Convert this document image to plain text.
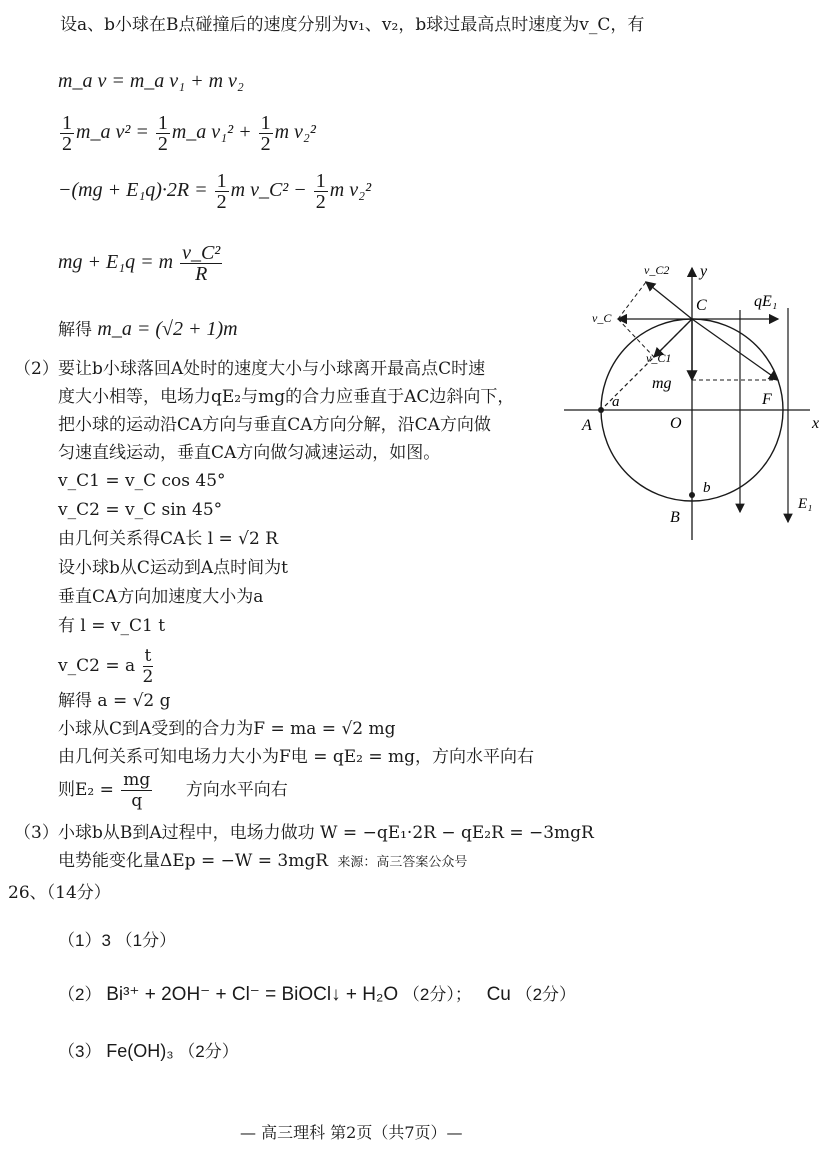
设a、b小球在B点碰撞后的速度分别为v₁、v₂，b球过最高点时速度为v_C，有
m_a v = m_a v₁ + m v₂
$\frac{1}{2}$ m_a $v^2 = \frac{1}{2}$ m_a $v_1^2 + \frac{1}{2}$ m v₂²
$-(mg + E_1q)\cdot 2R = \frac{1}{2}$ m v_C² − $\frac{1}{2}$ m v₂²
mg + E₁q = m $\frac{\text{v\_C²}}{R}$
解得 m_a = (√2 + 1)m
（2） 要让b小球落回A处时的速度大小与小球离开最高点C时速
度大小相等，电场力qE₂与mg的合力应垂直于AC边斜向下，
把小球的运动沿CA方向与垂直CA方向分解，沿CA方向做
匀速直线运动，垂直CA方向做匀减速运动，如图。
v_C1 = v_C cos 45°
v_C2 = v_C sin 45°
由几何关系得CA长 l = √2 R
设小球b从C运动到A点时间为t
垂直CA方向加速度大小为a
有 l = v_C1 t
v_C2 = a $\frac{t}{2}$
解得 a = √2 g
小球从C到A受到的合力为F = ma = √2 mg
由几何关系可知电场力大小为F电 = qE₂ = mg，方向水平向右
则$E_2 = \frac{mg}{q}$ 方向水平向右
（3） 小球b从B到A过程中，电场力做功 W = −qE₁·2R − qE₂R = −3mgR
电势能变化量ΔEp = −W = 3mgR 来源：高三答案公众号
26、（14分）
（1）3 （1分）
（2） Bi³⁺ + 2OH⁻ + Cl⁻ = BiOCl↓ + H₂O （2分）； Cu （2分）
（3） Fe(OH)₃ （2分）
— 高三理科 第2页（共7页）—
y
x
C
A	O
B
F
a
b
mg
qE₁
E₁
v_C
v_C2
v_C1
